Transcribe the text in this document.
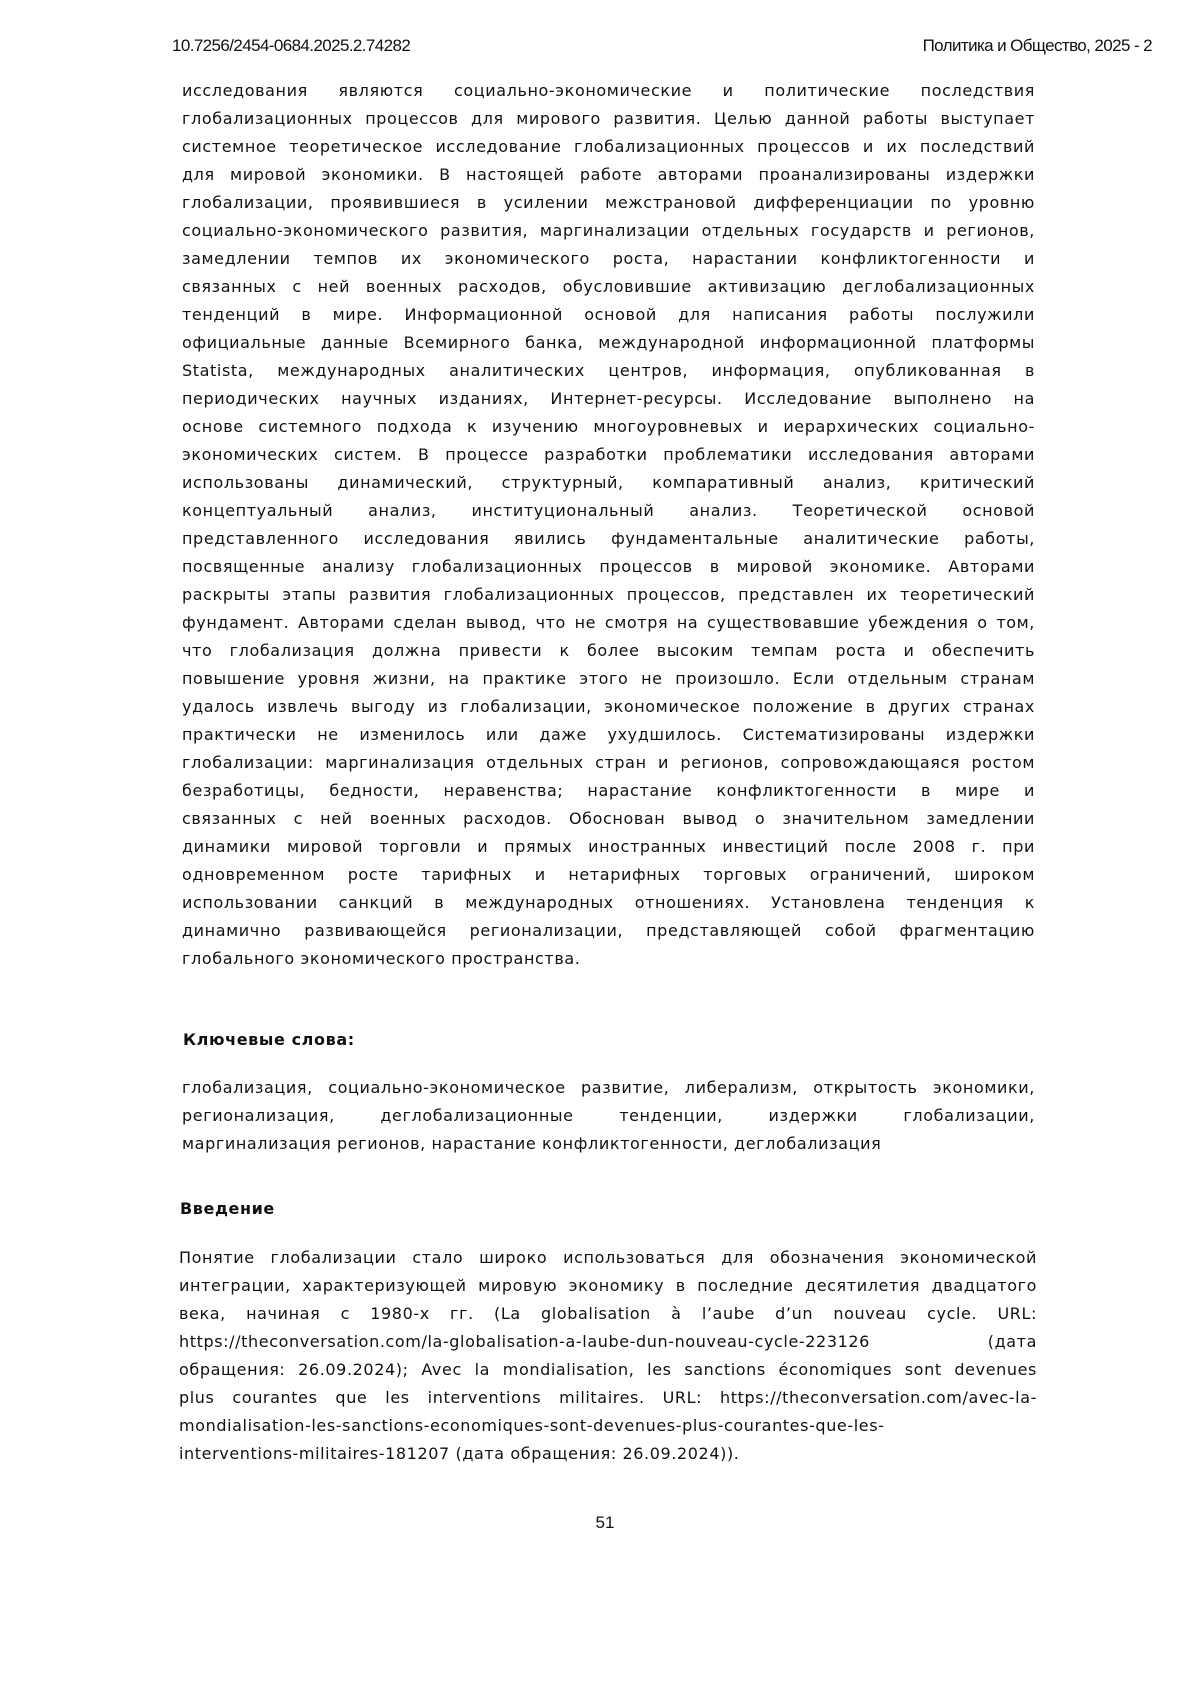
10.7256/2454-0684.2025.2.74282	Политика и Общество, 2025 - 2
исследования являются социально-экономические и политические последствия
глобализационных процессов для мирового развития. Целью данной работы выступает
системное теоретическое исследование глобализационных процессов и их последствий
для мировой экономики. В настоящей работе авторами проанализированы издержки
глобализации, проявившиеся в усилении межстрановой дифференциации по уровню
социально-экономического развития, маргинализации отдельных государств и регионов,
замедлении темпов их экономического роста, нарастании конфликтогенности и
связанных с ней военных расходов, обусловившие активизацию деглобализационных
тенденций в мире. Информационной основой для написания работы послужили
официальные данные Всемирного банка, международной информационной платформы
Statista, международных аналитических центров, информация, опубликованная в
периодических научных изданиях, Интернет-ресурсы. Исследование выполнено на
основе системного подхода к изучению многоуровневых и иерархических социально-
экономических систем. В процессе разработки проблематики исследования авторами
использованы динамический, структурный, компаративный анализ, критический
концептуальный анализ, институциональный анализ. Теоретической основой
представленного исследования явились фундаментальные аналитические работы,
посвященные анализу глобализационных процессов в мировой экономике. Авторами
раскрыты этапы развития глобализационных процессов, представлен их теоретический
фундамент. Авторами сделан вывод, что не смотря на существовавшие убеждения о том,
что глобализация должна привести к более высоким темпам роста и обеспечить
повышение уровня жизни, на практике этого не произошло. Если отдельным странам
удалось извлечь выгоду из глобализации, экономическое положение в других странах
практически не изменилось или даже ухудшилось. Систематизированы издержки
глобализации: маргинализация отдельных стран и регионов, сопровождающаяся ростом
безработицы, бедности, неравенства; нарастание конфликтогенности в мире и
связанных с ней военных расходов. Обоснован вывод о значительном замедлении
динамики мировой торговли и прямых иностранных инвестиций после 2008 г. при
одновременном росте тарифных и нетарифных торговых ограничений, широком
использовании санкций в международных отношениях. Установлена тенденция к
динамично развивающейся регионализации, представляющей собой фрагментацию
глобального экономического пространства.
Ключевые слова:
глобализация, социально-экономическое развитие, либерализм, открытость экономики,
регионализация, деглобализационные тенденции, издержки глобализации,
маргинализация регионов, нарастание конфликтогенности, деглобализация
Введение
Понятие глобализации стало широко использоваться для обозначения экономической
интеграции, характеризующей мировую экономику в последние десятилетия двадцатого
века, начиная с 1980-х гг. (La globalisation à l’aube d’un nouveau cycle. URL:
https://theconversation.com/la-globalisation-a-laube-dun-nouveau-cycle-223126 (дата
обращения: 26.09.2024); Avec la mondialisation, les sanctions économiques sont devenues
plus courantes que les interventions militaires. URL: https://theconversation.com/avec-la-
mondialisation-les-sanctions-economiques-sont-devenues-plus-courantes-que-les-
interventions-militaires-181207 (дата обращения: 26.09.2024)).
51
